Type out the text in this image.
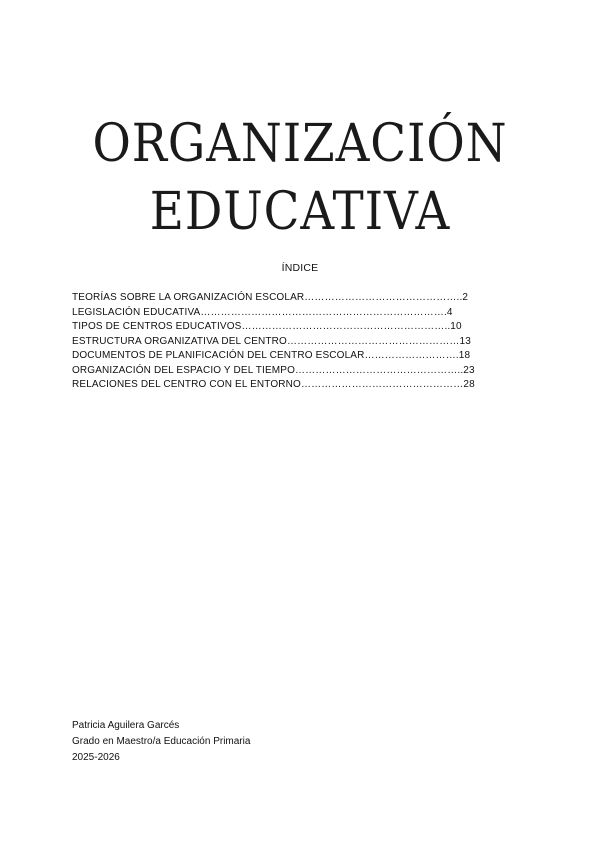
ORGANIZACIÓN
EDUCATIVA
ÍNDICE
TEORÍAS SOBRE LA ORGANIZACIÓN ESCOLAR………………………………………..2
LEGISLACIÓN EDUCATIVA……………………………………………………………….4
TIPOS DE CENTROS EDUCATIVOS……………………………………………………..10
ESTRUCTURA ORGANIZATIVA DEL CENTRO……………………………………………13
DOCUMENTOS DE PLANIFICACIÓN DEL CENTRO ESCOLAR……………………….18
ORGANIZACIÓN DEL ESPACIO Y DEL TIEMPO…………………………………………..23
RELACIONES DEL CENTRO CON EL ENTORNO…………………………………………28
Patricia Aguilera Garcés
Grado en Maestro/a Educación Primaria
2025-2026
